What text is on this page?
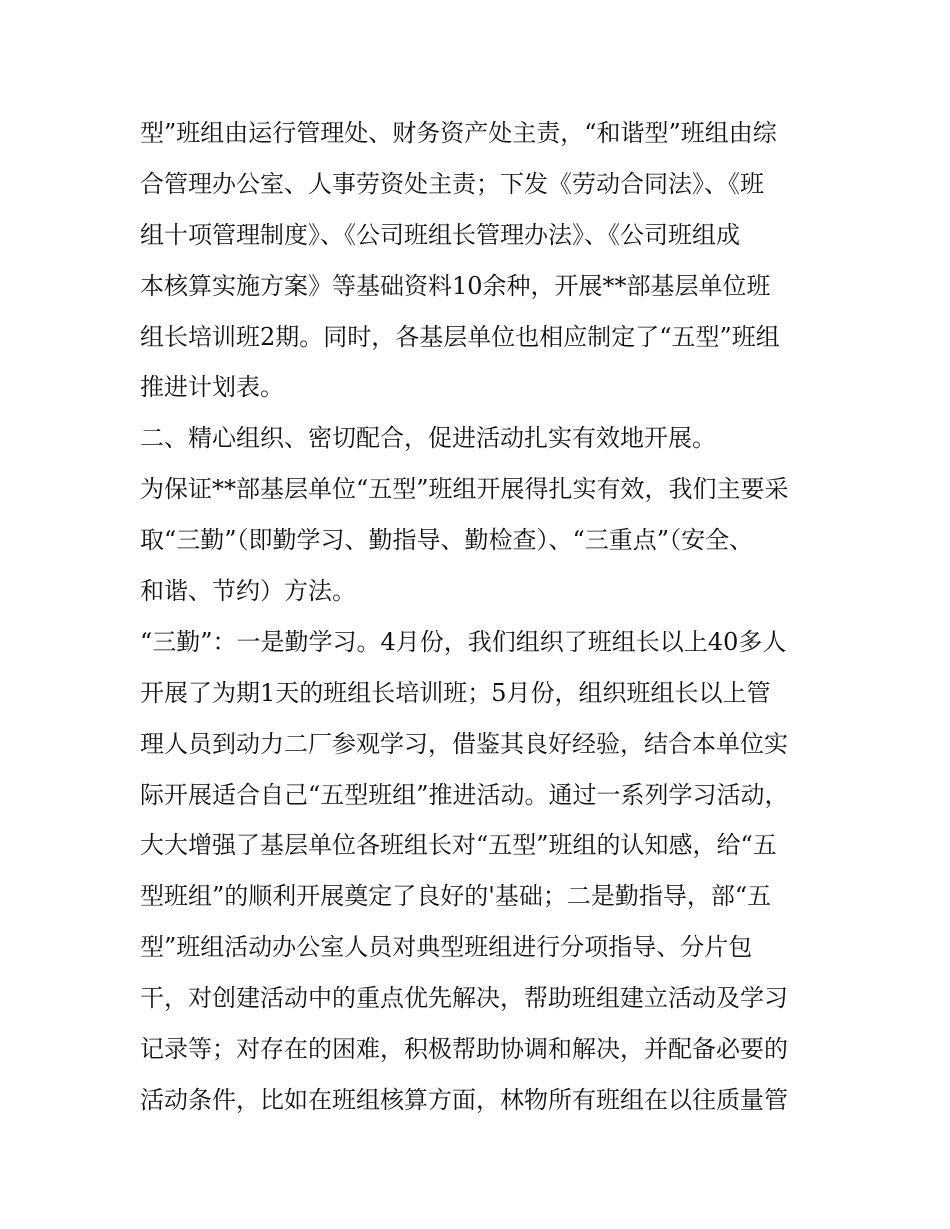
型”班组由运行管理处、财务资产处主责，“和谐型”班组由综
合管理办公室、人事劳资处主责；下发《劳动合同法》、《班
组十项管理制度》、《公司班组长管理办法》、《公司班组成
本核算实施方案》等基础资料10余种，开展**部基层单位班
组长培训班2期。同时，各基层单位也相应制定了“五型”班组
推进计划表。
二、精心组织、密切配合，促进活动扎实有效地开展。
为保证**部基层单位“五型”班组开展得扎实有效，我们主要采
取“三勤”（即勤学习、勤指导、勤检查）、“三重点”（安全、
和谐、节约）方法。
“三勤”：一是勤学习。4月份，我们组织了班组长以上40多人
开展了为期1天的班组长培训班；5月份，组织班组长以上管
理人员到动力二厂参观学习，借鉴其良好经验，结合本单位实
际开展适合自己“五型班组”推进活动。通过一系列学习活动，
大大增强了基层单位各班组长对“五型”班组的认知感，给“五
型班组”的顺利开展奠定了良好的'基础；二是勤指导，部“五
型”班组活动办公室人员对典型班组进行分项指导、分片包
干，对创建活动中的重点优先解决，帮助班组建立活动及学习
记录等；对存在的困难，积极帮助协调和解决，并配备必要的
活动条件，比如在班组核算方面，林物所有班组在以往质量管
